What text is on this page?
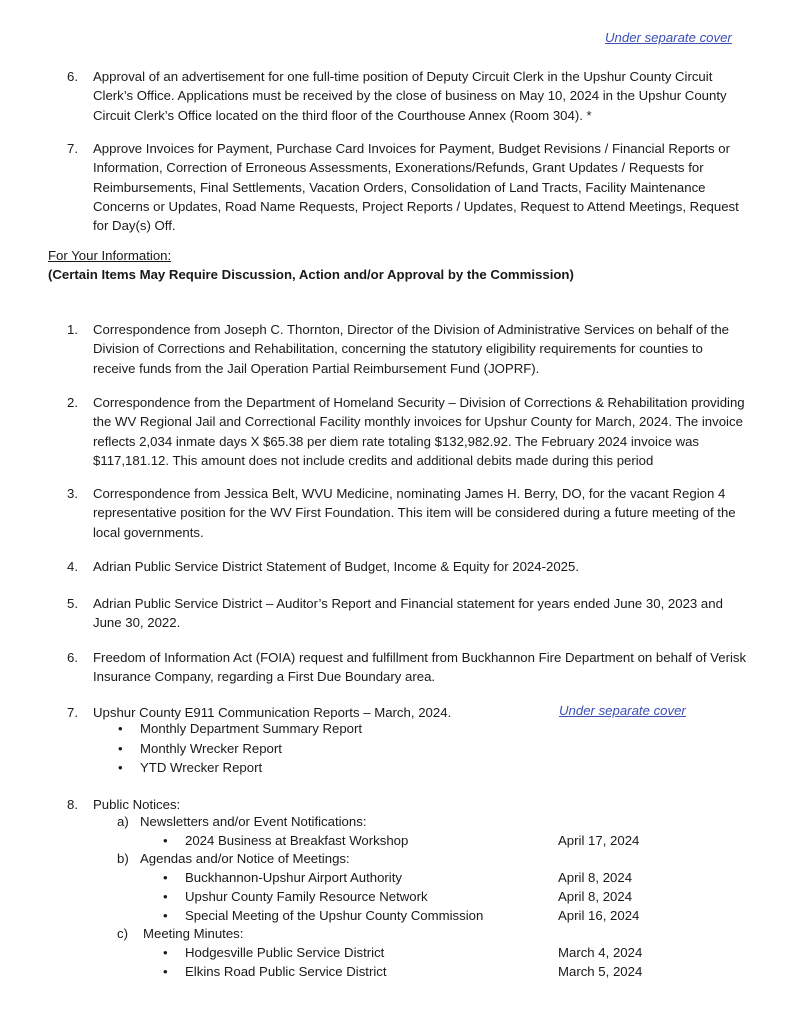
Under separate cover
6. Approval of an advertisement for one full-time position of Deputy Circuit Clerk in the Upshur County Circuit Clerk’s Office. Applications must be received by the close of business on May 10, 2024 in the Upshur County Circuit Clerk’s Office located on the third floor of the Courthouse Annex (Room 304). *
7. Approve Invoices for Payment, Purchase Card Invoices for Payment, Budget Revisions / Financial Reports or Information, Correction of Erroneous Assessments, Exonerations/Refunds, Grant Updates / Requests for Reimbursements, Final Settlements, Vacation Orders, Consolidation of Land Tracts, Facility Maintenance Concerns or Updates, Road Name Requests, Project Reports / Updates, Request to Attend Meetings, Request for Day(s) Off.
For Your Information:
(Certain Items May Require Discussion, Action and/or Approval by the Commission)
1. Correspondence from Joseph C. Thornton, Director of the Division of Administrative Services on behalf of the Division of Corrections and Rehabilitation, concerning the statutory eligibility requirements for counties to receive funds from the Jail Operation Partial Reimbursement Fund (JOPRF).
2. Correspondence from the Department of Homeland Security – Division of Corrections & Rehabilitation providing the WV Regional Jail and Correctional Facility monthly invoices for Upshur County for March, 2024. The invoice reflects 2,034 inmate days X $65.38 per diem rate totaling $132,982.92. The February 2024 invoice was $117,181.12. This amount does not include credits and additional debits made during this period
3. Correspondence from Jessica Belt, WVU Medicine, nominating James H. Berry, DO, for the vacant Region 4 representative position for the WV First Foundation. This item will be considered during a future meeting of the local governments.
4. Adrian Public Service District Statement of Budget, Income & Equity for 2024-2025.
5. Adrian Public Service District – Auditor’s Report and Financial statement for years ended June 30, 2023 and June 30, 2022.
6. Freedom of Information Act (FOIA) request and fulfillment from Buckhannon Fire Department on behalf of Verisk Insurance Company, regarding a First Due Boundary area.
7. Upshur County E911 Communication Reports – March, 2024.	Under separate cover
• Monthly Department Summary Report
• Monthly Wrecker Report
• YTD Wrecker Report
8. Public Notices:
a) Newsletters and/or Event Notifications:
• 2024 Business at Breakfast Workshop	April 17, 2024
b) Agendas and/or Notice of Meetings:
• Buckhannon-Upshur Airport Authority	April 8, 2024
• Upshur County Family Resource Network	April 8, 2024
• Special Meeting of the Upshur County Commission	April 16, 2024
c) Meeting Minutes:
• Hodgesville Public Service District	March 4, 2024
• Elkins Road Public Service District	March 5, 2024
